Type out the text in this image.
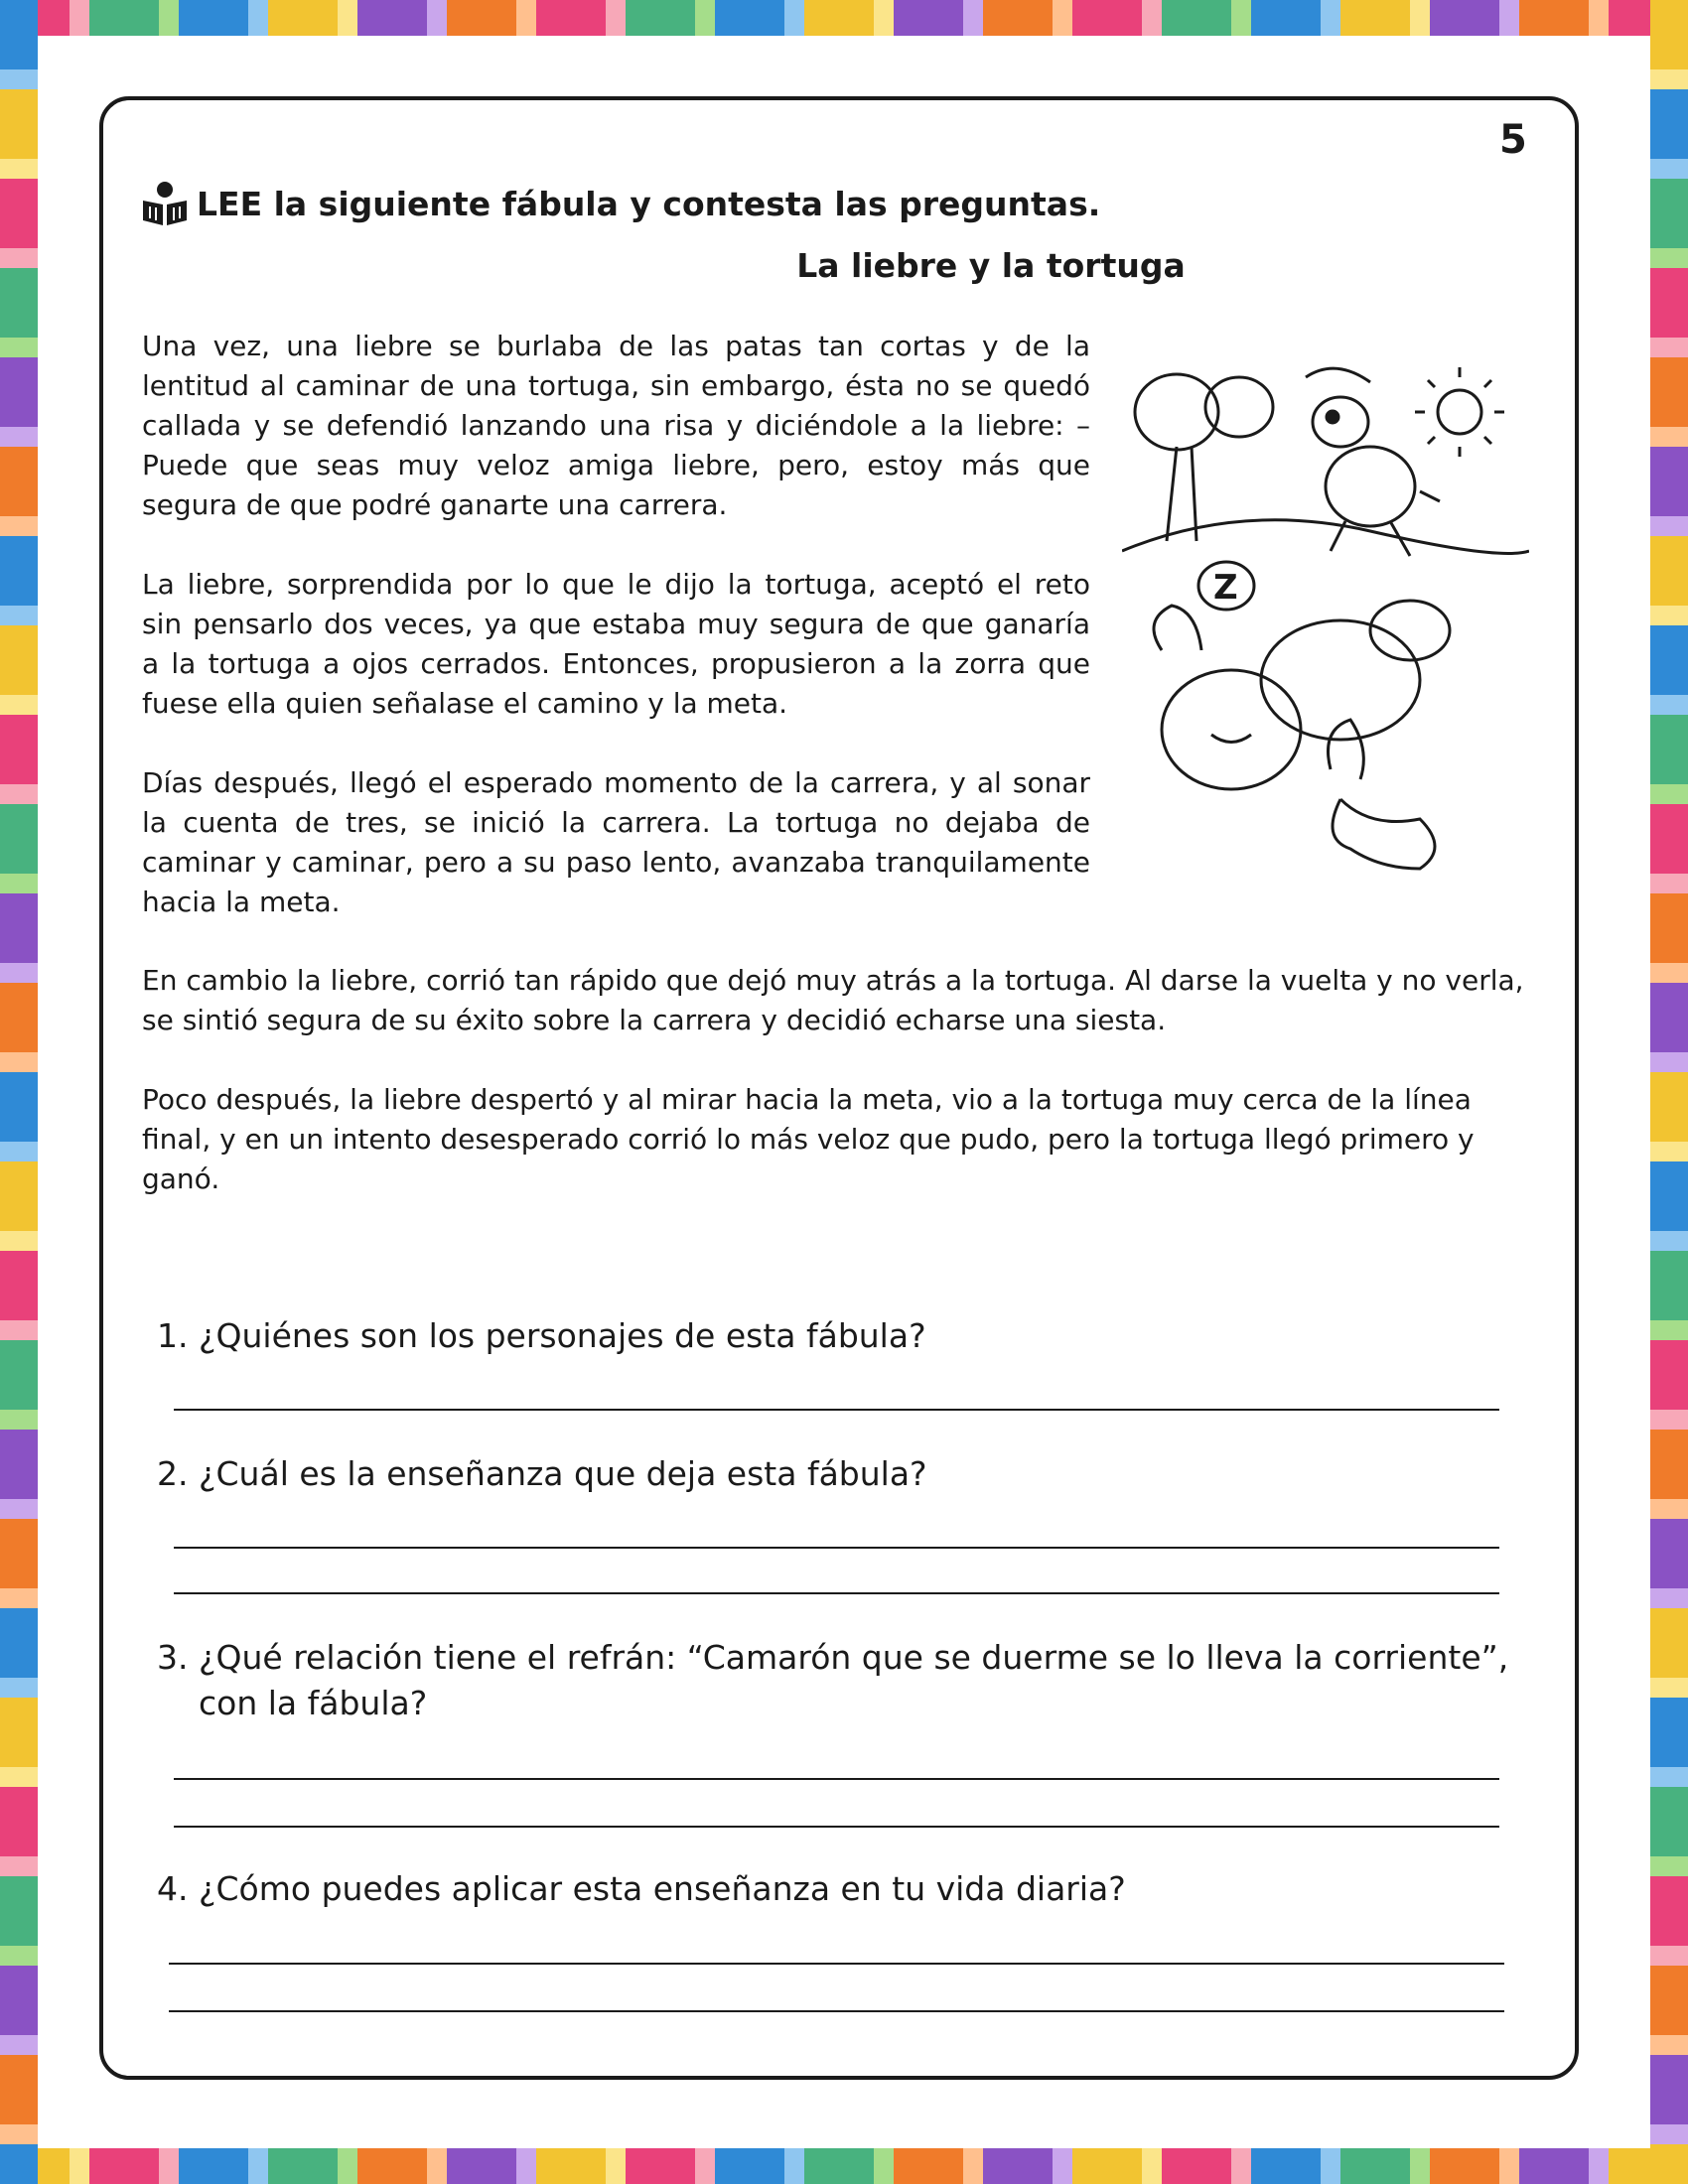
5
LEE la siguiente fábula y contesta las preguntas.
La liebre y la tortuga

Una vez, una liebre se burlaba de las patas tan cortas y de la lentitud al caminar de una tortuga, sin embargo, ésta no se quedó callada y se defendió lanzando una risa y diciéndole a la liebre: – Puede que seas muy veloz amiga liebre, pero, estoy más que segura de que podré ganarte una carrera.

La liebre, sorprendida por lo que le dijo la tortuga, aceptó el reto sin pensarlo dos veces, ya que estaba muy segura de que ganaría a la tortuga a ojos cerrados. Entonces, propusieron a la zorra que fuese ella quien señalase el camino y la meta.

Días después, llegó el esperado momento de la carrera, y al sonar la cuenta de tres, se inició la carrera. La tortuga no dejaba de caminar y caminar, pero a su paso lento, avanzaba tranquilamente hacia la meta.

En cambio la liebre, corrió tan rápido que dejó muy atrás a la tortuga. Al darse la vuelta y no verla, se sintió segura de su éxito sobre la carrera y decidió echarse una siesta.

Poco después, la liebre despertó y al mirar hacia la meta, vio a la tortuga muy cerca de la línea final, y en un intento desesperado corrió lo más veloz que pudo, pero la tortuga llegó primero y ganó.

Z

1. ¿Quiénes son los personajes de esta fábula?

2. ¿Cuál es la enseñanza que deja esta fábula?

3. ¿Qué relación tiene el refrán: “Camarón que se duerme se lo lleva la corriente”, con la fábula?

4. ¿Cómo puedes aplicar esta enseñanza en tu vida diaria?
